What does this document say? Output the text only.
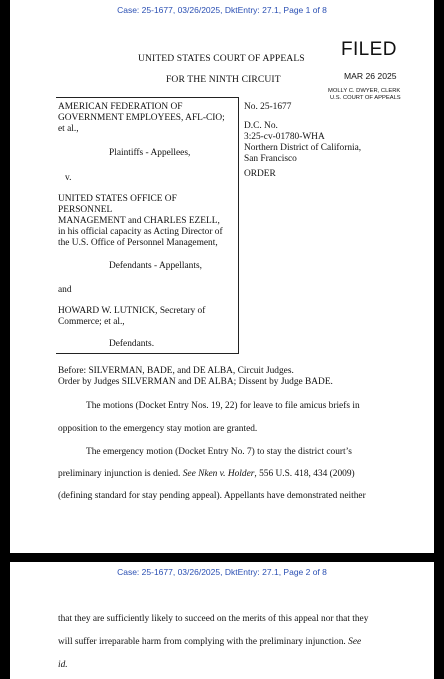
Case: 25-1677, 03/26/2025, DktEntry: 27.1, Page 1 of 8
UNITED STATES COURT OF APPEALS
FOR THE NINTH CIRCUIT
FILED
MAR 26 2025
MOLLY C. DWYER, CLERK
U.S. COURT OF APPEALS
AMERICAN FEDERATION OF
GOVERNMENT EMPLOYEES, AFL-CIO;
et al.,
Plaintiffs - Appellees,
v.
UNITED STATES OFFICE OF
PERSONNEL
MANAGEMENT and CHARLES EZELL,
in his official capacity as Acting Director of
the U.S. Office of Personnel Management,
Defendants - Appellants,
and
HOWARD W. LUTNICK, Secretary of
Commerce; et al.,
Defendants.
No. 25-1677
D.C. No.
3:25-cv-01780-WHA
Northern District of California,
San Francisco
ORDER
Before: SILVERMAN, BADE, and DE ALBA, Circuit Judges.
Order by Judges SILVERMAN and DE ALBA; Dissent by Judge BADE.
The motions (Docket Entry Nos. 19, 22) for leave to file amicus briefs in
opposition to the emergency stay motion are granted.
The emergency motion (Docket Entry No. 7) to stay the district court’s
preliminary injunction is denied. See Nken v. Holder, 556 U.S. 418, 434 (2009)
(defining standard for stay pending appeal). Appellants have demonstrated neither
Case: 25-1677, 03/26/2025, DktEntry: 27.1, Page 2 of 8
that they are sufficiently likely to succeed on the merits of this appeal nor that they
will suffer irreparable harm from complying with the preliminary injunction. See
id.
